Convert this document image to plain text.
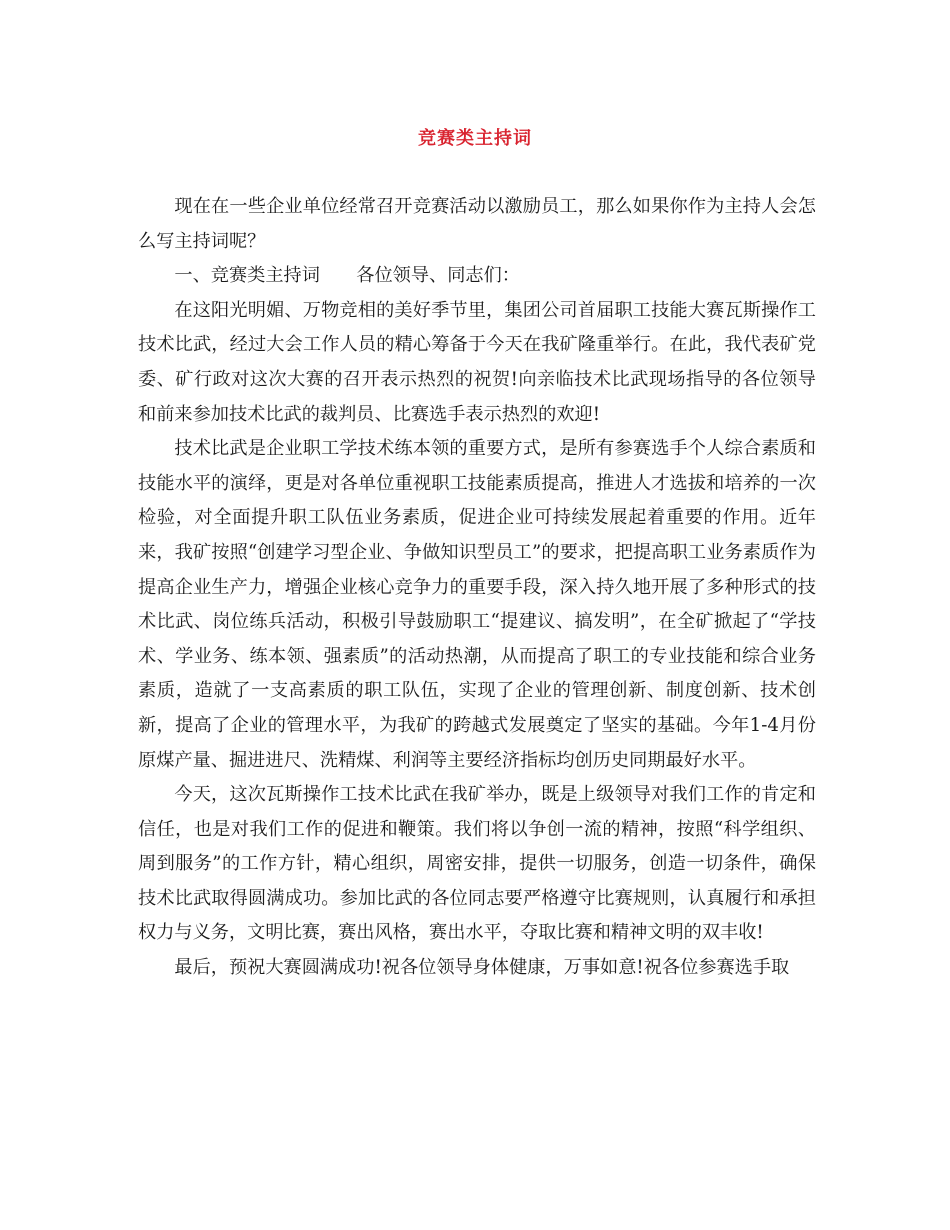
竞赛类主持词

现在在一些企业单位经常召开竞赛活动以激励员工，那么如果你作为主持人会怎么写主持词呢？

一、竞赛类主持词　　各位领导、同志们：

在这阳光明媚、万物竞相的美好季节里，集团公司首届职工技能大赛瓦斯操作工技术比武，经过大会工作人员的精心筹备于今天在我矿隆重举行。在此，我代表矿党委、矿行政对这次大赛的召开表示热烈的祝贺!向亲临技术比武现场指导的各位领导和前来参加技术比武的裁判员、比赛选手表示热烈的欢迎!

技术比武是企业职工学技术练本领的重要方式，是所有参赛选手个人综合素质和技能水平的演绎，更是对各单位重视职工技能素质提高，推进人才选拔和培养的一次检验，对全面提升职工队伍业务素质，促进企业可持续发展起着重要的作用。近年来，我矿按照“创建学习型企业、争做知识型员工”的要求，把提高职工业务素质作为提高企业生产力，增强企业核心竞争力的重要手段，深入持久地开展了多种形式的技术比武、岗位练兵活动，积极引导鼓励职工“提建议、搞发明”，在全矿掀起了“学技术、学业务、练本领、强素质”的活动热潮，从而提高了职工的专业技能和综合业务素质，造就了一支高素质的职工队伍，实现了企业的管理创新、制度创新、技术创新，提高了企业的管理水平，为我矿的跨越式发展奠定了坚实的基础。今年1-4月份原煤产量、掘进进尺、洗精煤、利润等主要经济指标均创历史同期最好水平。

今天，这次瓦斯操作工技术比武在我矿举办，既是上级领导对我们工作的肯定和信任，也是对我们工作的促进和鞭策。我们将以争创一流的精神，按照“科学组织、周到服务”的工作方针，精心组织，周密安排，提供一切服务，创造一切条件，确保技术比武取得圆满成功。参加比武的各位同志要严格遵守比赛规则，认真履行和承担权力与义务，文明比赛，赛出风格，赛出水平，夺取比赛和精神文明的双丰收!

最后，预祝大赛圆满成功!祝各位领导身体健康，万事如意!祝各位参赛选手取
